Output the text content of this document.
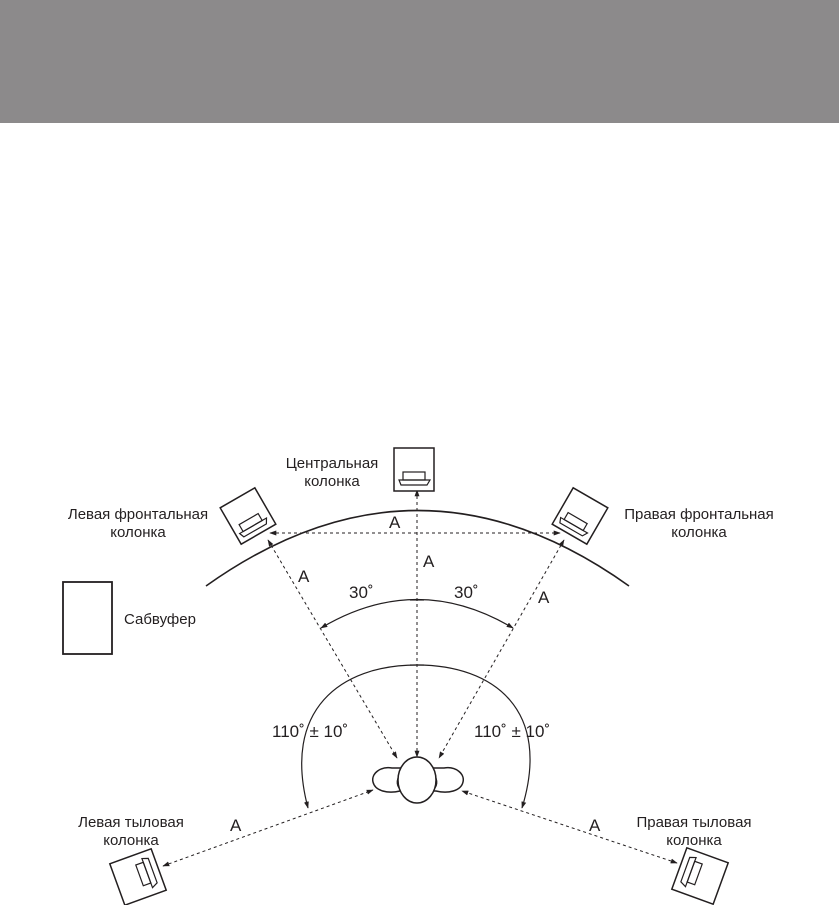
Центральная
колонка
Левая фронтальная
колонка
Правая фронтальная
колонка
Сабвуфер
Левая тыловая
колонка
Правая тыловая
колонка
A
A
A
A
A	A
30˚	30˚
110˚ ± 10˚	110˚ ± 10˚
